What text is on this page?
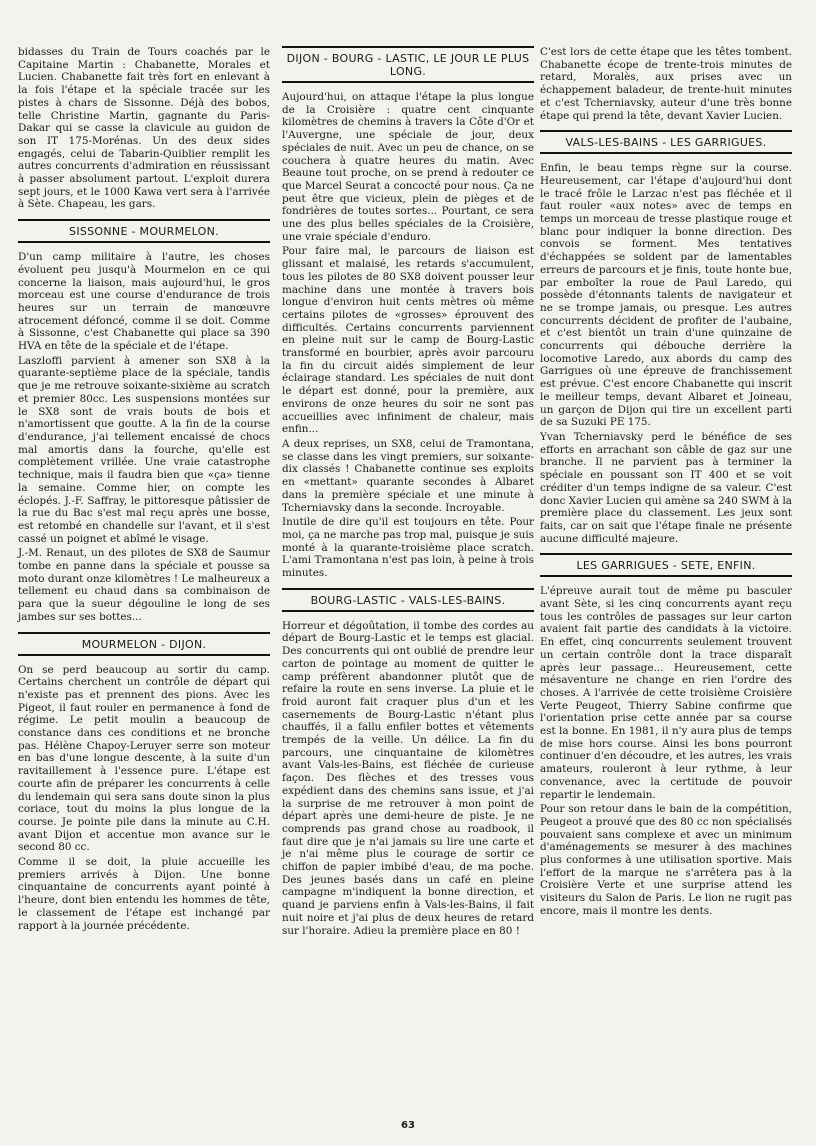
bidasses du Train de Tours coachés par le Capitaine Martin : Chabanette, Morales et Lucien. Chabanette fait très fort en enlevant à la fois l'étape et la spéciale tracée sur les pistes à chars de Sissonne. Déjà des bobos, telle Christine Martin, gagnante du Paris-Dakar qui se casse la clavicule au guidon de son IT 175-Morénas. Un des deux sides engagés, celui de Tabarin-Quiblier remplit les autres concurrents d'admiration en réussissant à passer absolument partout. L'exploit durera sept jours, et le 1000 Kawa vert sera à l'arrivée à Sète. Chapeau, les gars.

SISSONNE - MOURMELON.

D'un camp militaire à l'autre, les choses évoluent peu jusqu'à Mourmelon en ce qui concerne la liaison, mais aujourd'hui, le gros morceau est une course d'endurance de trois heures sur un terrain de manœuvre atrocement défoncé, comme il se doit. Comme à Sissonne, c'est Chabanette qui place sa 390 HVA en tête de la spéciale et de l'étape.

Laszloffi parvient à amener son SX8 à la quarante-septième place de la spéciale, tandis que je me retrouve soixante-sixième au scratch et premier 80cc. Les suspensions montées sur le SX8 sont de vrais bouts de bois et n'amortissent que goutte. A la fin de la course d'endurance, j'ai tellement encaissé de chocs mal amortis dans la fourche, qu'elle est complètement vrillée. Une vraie catastrophe technique, mais il faudra bien que «ça» tienne la semaine. Comme hier, on compte les éclopés. J.-F. Saffray, le pittoresque pâtissier de la rue du Bac s'est mal reçu après une bosse, est retombé en chandelle sur l'avant, et il s'est cassé un poignet et abîmé le visage.

J.-M. Renaut, un des pilotes de SX8 de Saumur tombe en panne dans la spéciale et pousse sa moto durant onze kilomètres ! Le malheureux a tellement eu chaud dans sa combinaison de para que la sueur dégouline le long de ses jambes sur ses bottes...

MOURMELON - DIJON.

On se perd beaucoup au sortir du camp. Certains cherchent un contrôle de départ qui n'existe pas et prennent des pions. Avec les Pigeot, il faut rouler en permanence à fond de régime. Le petit moulin a beaucoup de constance dans ces conditions et ne bronche pas. Hélène Chapoy-Leruyer serre son moteur en bas d'une longue descente, à la suite d'un ravitaillement à l'essence pure. L'étape est courte afin de préparer les concurrents à celle du lendemain qui sera sans doute sinon la plus coriace, tout du moins la plus longue de la course. Je pointe pile dans la minute au C.H. avant Dijon et accentue mon avance sur le second 80 cc.

Comme il se doit, la pluie accueille les premiers arrivés à Dijon. Une bonne cinquantaine de concurrents ayant pointé à l'heure, dont bien entendu les hommes de tête, le classement de l'étape est inchangé par rapport à la journée précédente.

DIJON - BOURG - LASTIC, LE JOUR LE PLUS LONG.

Aujourd'hui, on attaque l'étape la plus longue de la Croisière : quatre cent cinquante kilomètres de chemins à travers la Côte d'Or et l'Auvergne, une spéciale de jour, deux spéciales de nuit. Avec un peu de chance, on se couchera à quatre heures du matin. Avec Beaune tout proche, on se prend à redouter ce que Marcel Seurat a concocté pour nous. Ça ne peut être que vicieux, plein de pièges et de fondrières de toutes sortes... Pourtant, ce sera une des plus belles spéciales de la Croisière, une vraie spéciale d'enduro.

Pour faire mal, le parcours de liaison est glissant et malaisé, les retards s'accumulent, tous les pilotes de 80 SX8 doivent pousser leur machine dans une montée à travers bois longue d'environ huit cents mètres où même certains pilotes de «grosses» éprouvent des difficultés. Certains concurrents parviennent en pleine nuit sur le camp de Bourg-Lastic transformé en bourbier, après avoir parcouru la fin du circuit aidés simplement de leur éclairage standard. Les spéciales de nuit dont le départ est donné, pour la première, aux environs de onze heures du soir ne sont pas accueillies avec infiniment de chaleur, mais enfin...

A deux reprises, un SX8, celui de Tramontana, se classe dans les vingt premiers, sur soixante-dix classés ! Chabanette continue ses exploits en «mettant» quarante secondes à Albaret dans la première spéciale et une minute à Tcherniavsky dans la seconde. Incroyable.

Inutile de dire qu'il est toujours en tête. Pour moi, ça ne marche pas trop mal, puisque je suis monté à la quarante-troisième place scratch. L'ami Tramontana n'est pas loin, à peine à trois minutes.

BOURG-LASTIC - VALS-LES-BAINS.

Horreur et dégoûtation, il tombe des cordes au départ de Bourg-Lastic et le temps est glacial. Des concurrents qui ont oublié de prendre leur carton de pointage au moment de quitter le camp préfèrent abandonner plutôt que de refaire la route en sens inverse. La pluie et le froid auront fait craquer plus d'un et les casernements de Bourg-Lastic n'étant plus chauffés, il a fallu enfiler bottes et vêtements trempés de la veille. Un délice. La fin du parcours, une cinquantaine de kilomètres avant Vals-les-Bains, est fléchée de curieuse façon. Des flèches et des tresses vous expédient dans des chemins sans issue, et j'ai la surprise de me retrouver à mon point de départ après une demi-heure de piste. Je ne comprends pas grand chose au roadbook, il faut dire que je n'ai jamais su lire une carte et je n'ai même plus le courage de sortir ce chiffon de papier imbibé d'eau, de ma poche. Des jeunes basés dans un café en pleine campagne m'indiquent la bonne direction, et quand je parviens enfin à Vals-les-Bains, il fait nuit noire et j'ai plus de deux heures de retard sur l'horaire. Adieu la première place en 80 !

C'est lors de cette étape que les têtes tombent. Chabanette écope de trente-trois minutes de retard, Moralès, aux prises avec un échappement baladeur, de trente-huit minutes et c'est Tcherniavsky, auteur d'une très bonne étape qui prend la tête, devant Xavier Lucien.

VALS-LES-BAINS - LES GARRIGUES.

Enfin, le beau temps règne sur la course. Heureusement, car l'étape d'aujourd'hui dont le tracé frôle le Larzac n'est pas fléchée et il faut rouler «aux notes» avec de temps en temps un morceau de tresse plastique rouge et blanc pour indiquer la bonne direction. Des convois se forment. Mes tentatives d'échappées se soldent par de lamentables erreurs de parcours et je finis, toute honte bue, par emboîter la roue de Paul Laredo, qui possède d'étonnants talents de navigateur et ne se trompe jamais, ou presque. Les autres concurrents décident de profiter de l'aubaine, et c'est bientôt un train d'une quinzaine de concurrents qui débouche derrière la locomotive Laredo, aux abords du camp des Garrigues où une épreuve de franchissement est prévue. C'est encore Chabanette qui inscrit le meilleur temps, devant Albaret et Joineau, un garçon de Dijon qui tire un excellent parti de sa Suzuki PE 175.

Yvan Tcherniavsky perd le bénéfice de ses efforts en arrachant son câble de gaz sur une branche. Il ne parvient pas à terminer la spéciale en poussant son IT 400 et se voit créditer d'un temps indigne de sa valeur. C'est donc Xavier Lucien qui amène sa 240 SWM à la première place du classement. Les jeux sont faits, car on sait que l'étape finale ne présente aucune difficulté majeure.

LES GARRIGUES - SETE, ENFIN.

L'épreuve aurait tout de même pu basculer avant Sète, si les cinq concurrents ayant reçu tous les contrôles de passages sur leur carton avaient fait partie des candidats à la victoire. En effet, cinq concurrents seulement trouvent un certain contrôle dont la trace disparaît après leur passage... Heureusement, cette mésaventure ne change en rien l'ordre des choses. A l'arrivée de cette troisième Croisière Verte Peugeot, Thierry Sabine confirme que l'orientation prise cette année par sa course est la bonne. En 1981, il n'y aura plus de temps de mise hors course. Ainsi les bons pourront continuer d'en découdre, et les autres, les vrais amateurs, rouleront à leur rythme, à leur convenance, avec la certitude de pouvoir repartir le lendemain.

Pour son retour dans le bain de la compétition, Peugeot a prouvé que des 80 cc non spécialisés pouvaient sans complexe et avec un minimum d'aménagements se mesurer à des machines plus conformes à une utilisation sportive. Mais l'effort de la marque ne s'arrêtera pas à la Croisière Verte et une surprise attend les visiteurs du Salon de Paris. Le lion ne rugit pas encore, mais il montre les dents.

63
